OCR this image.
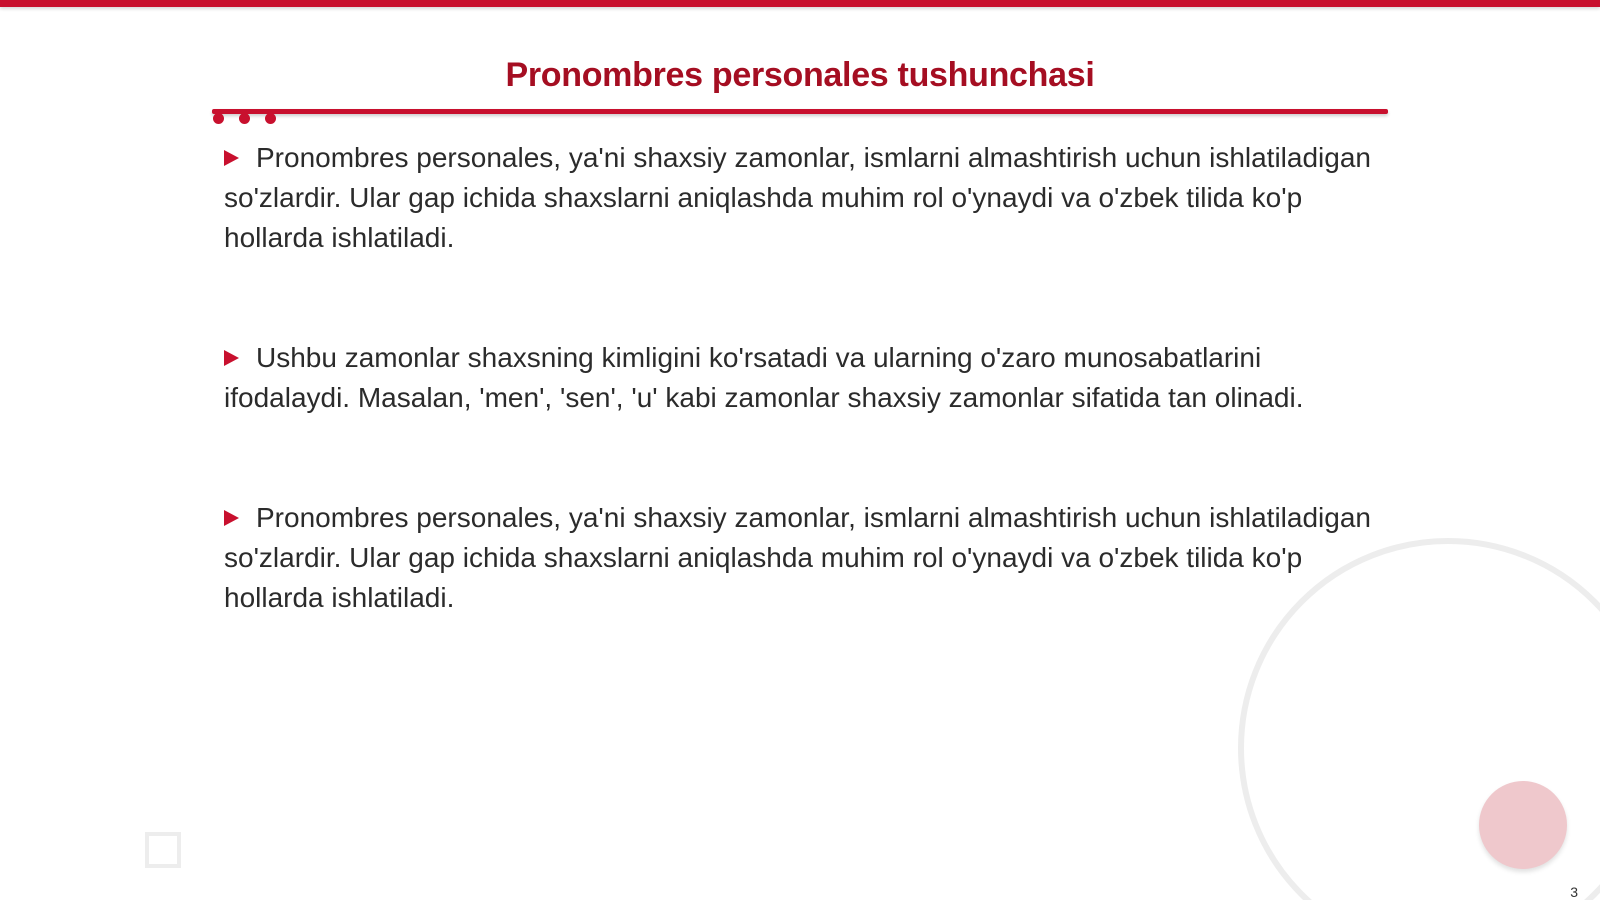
Pronombres personales tushunchasi

Pronombres personales, ya'ni shaxsiy zamonlar, ismlarni almashtirish uchun ishlatiladigan so'zlardir. Ular gap ichida shaxslarni aniqlashda muhim rol o'ynaydi va o'zbek tilida ko'p hollarda ishlatiladi.

Ushbu zamonlar shaxsning kimligini ko'rsatadi va ularning o'zaro munosabatlarini ifodalaydi. Masalan, 'men', 'sen', 'u' kabi zamonlar shaxsiy zamonlar sifatida tan olinadi.

Pronombres personales, ya'ni shaxsiy zamonlar, ismlarni almashtirish uchun ishlatiladigan so'zlardir. Ular gap ichida shaxslarni aniqlashda muhim rol o'ynaydi va o'zbek tilida ko'p hollarda ishlatiladi.

3
